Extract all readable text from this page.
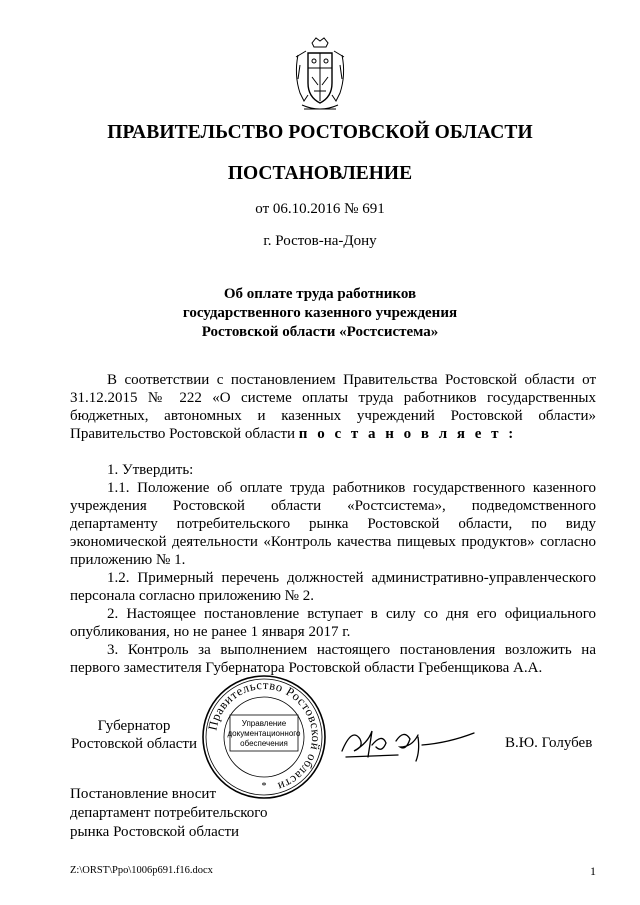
ПРАВИТЕЛЬСТВО РОСТОВСКОЙ ОБЛАСТИ
ПОСТАНОВЛЕНИЕ
от 06.10.2016 № 691
г. Ростов-на-Дону
Об оплате труда работников
государственного казенного учреждения
Ростовской области «Ростсистема»
В соответствии с постановлением Правительства Ростовской области от 31.12.2015 № 222 «О системе оплаты труда работников государственных бюджетных, автономных и казенных учреждений Ростовской области» Правительство Ростовской области п о с т а н о в л я е т :
1. Утвердить:
1.1. Положение об оплате труда работников государственного казенного учреждения Ростовской области «Ростсистема», подведомственного департаменту потребительского рынка Ростовской области, по виду экономической деятельности «Контроль качества пищевых продуктов» согласно приложению № 1.
1.2. Примерный перечень должностей административно-управленческого персонала согласно приложению № 2.
2. Настоящее постановление вступает в силу со дня его официального опубликования, но не ранее 1 января 2017 г.
3. Контроль за выполнением настоящего постановления возложить на первого заместителя Губернатора Ростовской области Гребенщикова А.А.
Губернатор
Ростовской области
Правительство Ростовской области
Управление
документационного
обеспечения
*
В.Ю. Голубев
Постановление вносит
департамент потребительского
рынка Ростовской области
Z:\ORST\Ppo\1006p691.f16.docx	1
